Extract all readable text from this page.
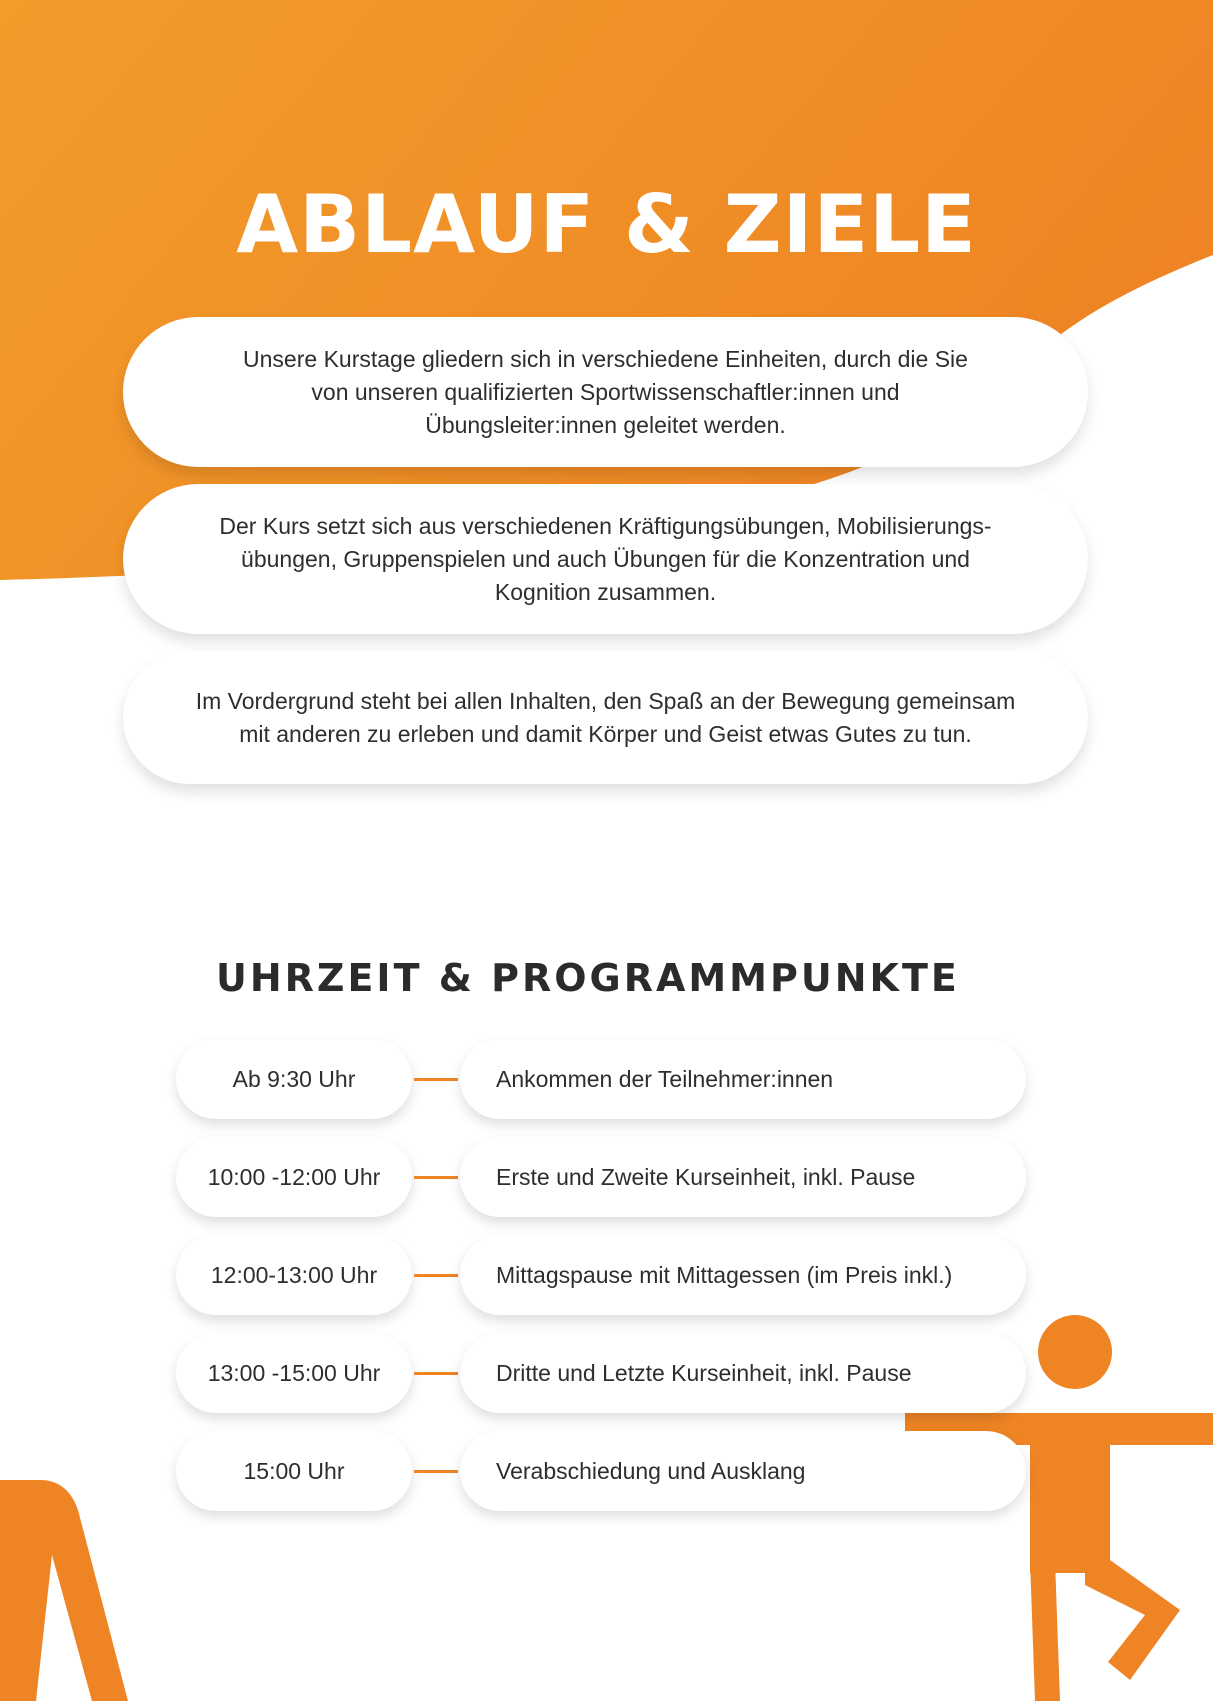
ABLAUF & ZIELE

Unsere Kurstage gliedern sich in verschiedene Einheiten, durch die Sie
von unseren qualifizierten Sportwissenschaftler:innen und
Übungsleiter:innen geleitet werden.

Der Kurs setzt sich aus verschiedenen Kräftigungsübungen, Mobilisierungs-
übungen, Gruppenspielen und auch Übungen für die Konzentration und
Kognition zusammen.

Im Vordergrund steht bei allen Inhalten, den Spaß an der Bewegung gemeinsam
mit anderen zu erleben und damit Körper und Geist etwas Gutes zu tun.

UHRZEIT & PROGRAMMPUNKTE
Ab 9:30 Uhr	Ankommen der Teilnehmer:innen
10:00 -12:00 Uhr	Erste und Zweite Kurseinheit, inkl. Pause
12:00-13:00 Uhr	Mittagspause mit Mittagessen (im Preis inkl.)
13:00 -15:00 Uhr	Dritte und Letzte Kurseinheit, inkl. Pause
15:00 Uhr	Verabschiedung und Ausklang
